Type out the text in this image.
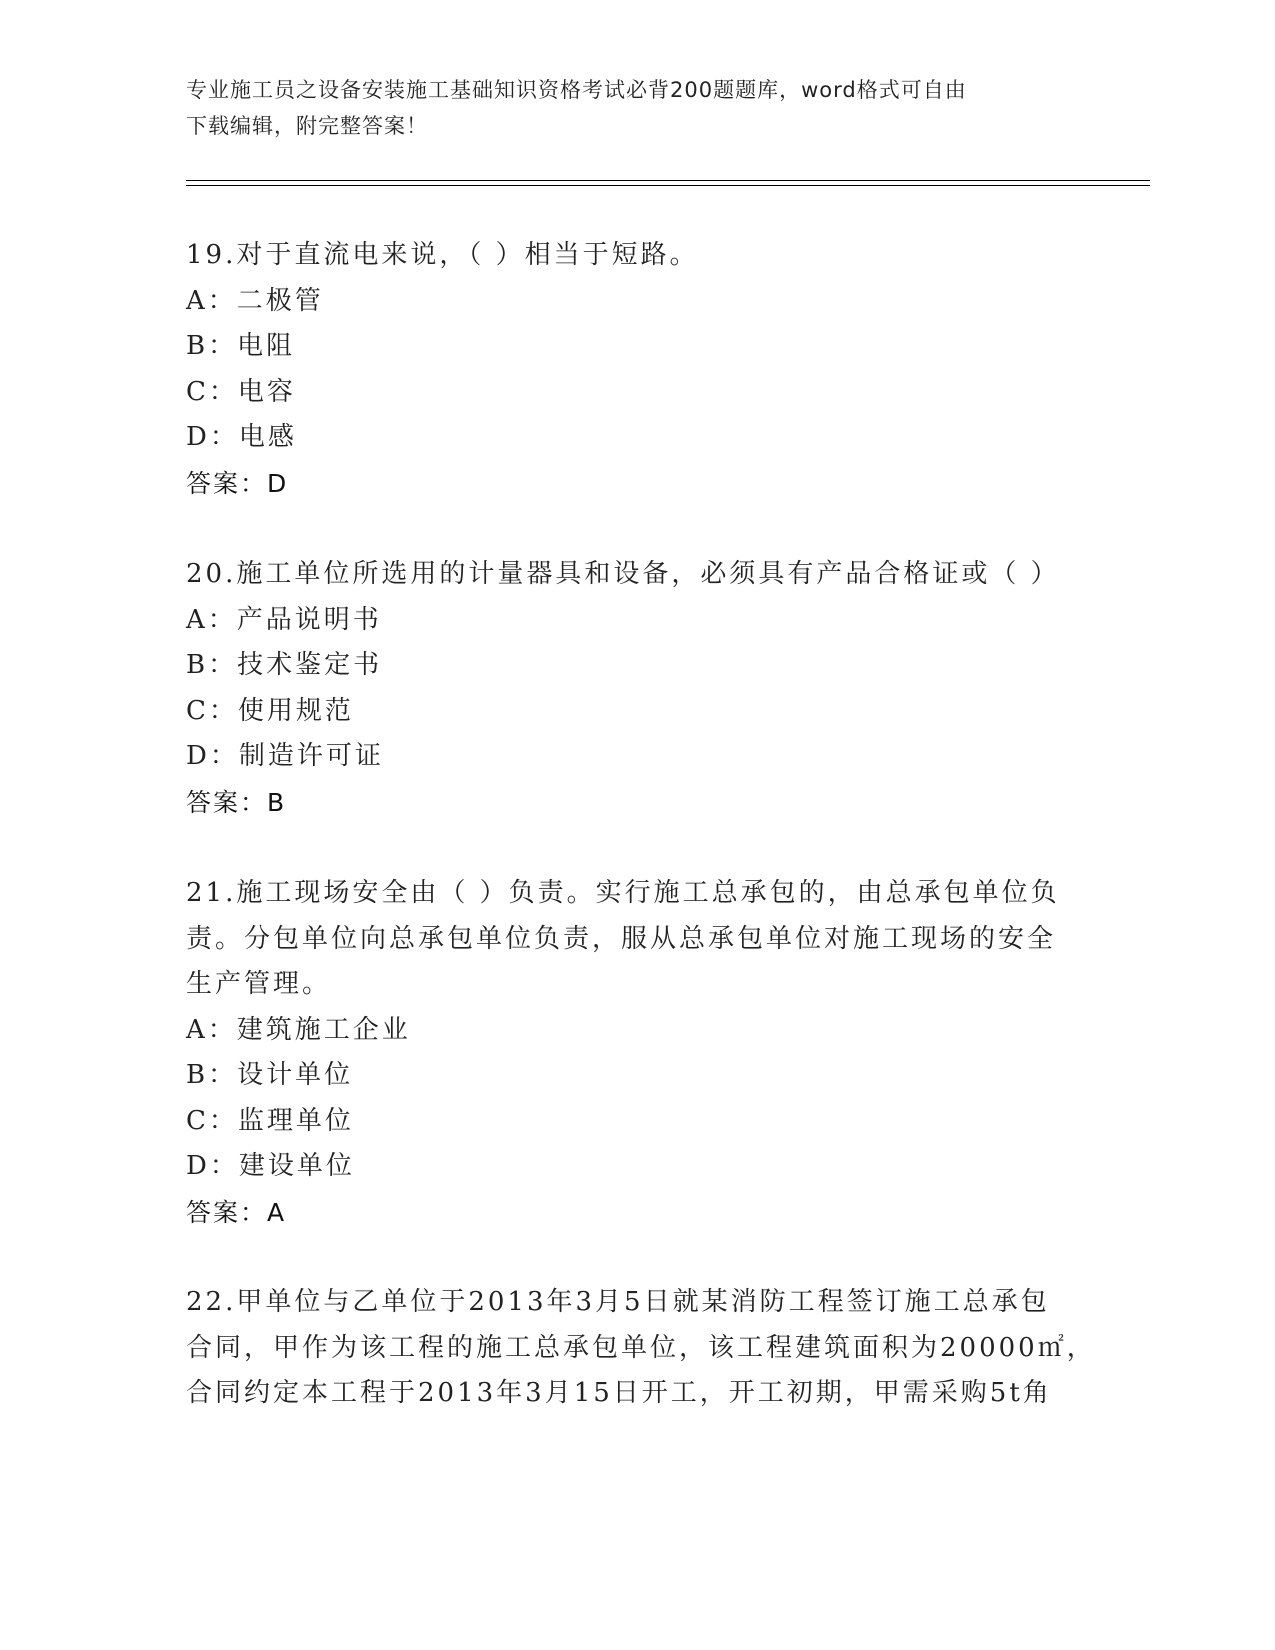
专业施工员之设备安装施工基础知识资格考试必背200题题库，word格式可自由
下载编辑，附完整答案！
19.对于直流电来说，（ ）相当于短路。
A：二极管
B：电阻
C：电容
D：电感
答案：D
20.施工单位所选用的计量器具和设备，必须具有产品合格证或（ ）
A：产品说明书
B：技术鉴定书
C：使用规范
D：制造许可证
答案：B
21.施工现场安全由（ ）负责。实行施工总承包的，由总承包单位负
责。分包单位向总承包单位负责，服从总承包单位对施工现场的安全
生产管理。
A：建筑施工企业
B：设计单位
C：监理单位
D：建设单位
答案：A
22.甲单位与乙单位于2013年3月5日就某消防工程签订施工总承包
合同，甲作为该工程的施工总承包单位，该工程建筑面积为20000㎡，
合同约定本工程于2013年3月15日开工，开工初期，甲需采购5t角
